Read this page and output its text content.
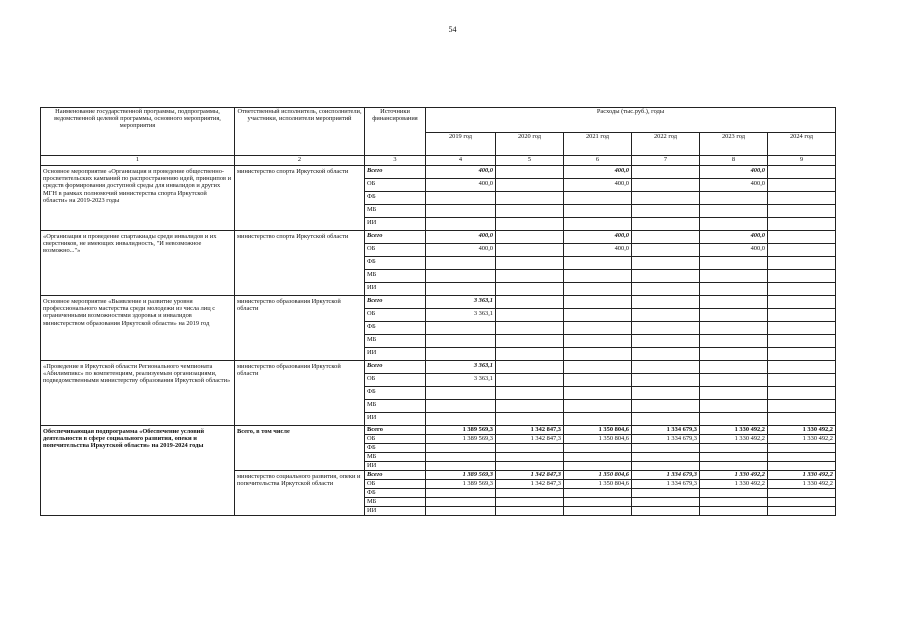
54
Наименование государственной программы, подпрограммы, ведомственной целевой программы, основного мероприятия, мероприятия	Ответственный исполнитель, соисполнители, участники, исполнители мероприятий	Источники финансирования	Расходы (тыс.руб.), годы					
			2019 год	2020 год	2021 год	2022 год	2023 год	2024 год
1	2	3	4	5	6	7	8	9
Основное мероприятие «Организация и проведение общественно-просветительских кампаний по распространению идей, принципов и средств формирования доступной среды для инвалидов и других МГН в рамках полномочий министерства спорта Иркутской области» на 2019-2023 годы	министерство спорта Иркутской области	Всего	400,0		400,0		400,0	
		ОБ	400,0		400,0		400,0	
		ФБ						
		МБ						
		ИИ						
«Организация и проведение спартакиады среди инвалидов и их сверстников, не имеющих инвалидность, "И невозможное возможно..."»	министерство спорта Иркутской области	Всего	400,0		400,0		400,0	
		ОБ	400,0		400,0		400,0	
		ФБ						
		МБ						
		ИИ						
Основное мероприятие «Выявление и развитие уровня профессионального мастерства среди молодежи из числа лиц с ограниченными возможностями здоровья и инвалидов министерством образования Иркутской области» на 2019 год	министерство образования Иркутской области	Всего	3 363,1					
		ОБ	3 363,1					
		ФБ						
		МБ						
		ИИ						
«Проведение в Иркутской области Регионального чемпионата «Абилимпикс» по компетенциям, реализуемым организациями, подведомственными министерству образования Иркутской области»	министерство образования Иркутской области	Всего	3 363,1					
		ОБ	3 363,1					
		ФБ						
		МБ						
		ИИ						
Обеспечивающая подпрограмма «Обеспечение условий деятельности в сфере социального развития, опеки и попечительства Иркутской области» на 2019-2024 годы	Всего, в том числе	Всего	1 389 569,3	1 342 847,3	1 350 804,6	1 334 679,3	1 330 492,2	1 330 492,2
		ОБ	1 389 569,3	1 342 847,3	1 350 804,6	1 334 679,3	1 330 492,2	1 330 492,2
		ФБ						
		МБ						
		ИИ						
	министерство социального развития, опеки и попечительства Иркутской области	Всего	1 389 569,3	1 342 847,3	1 350 804,6	1 334 679,3	1 330 492,2	1 330 492,2
		ОБ	1 389 569,3	1 342 847,3	1 350 804,6	1 334 679,3	1 330 492,2	1 330 492,2
		ФБ						
		МБ						
		ИИ						
